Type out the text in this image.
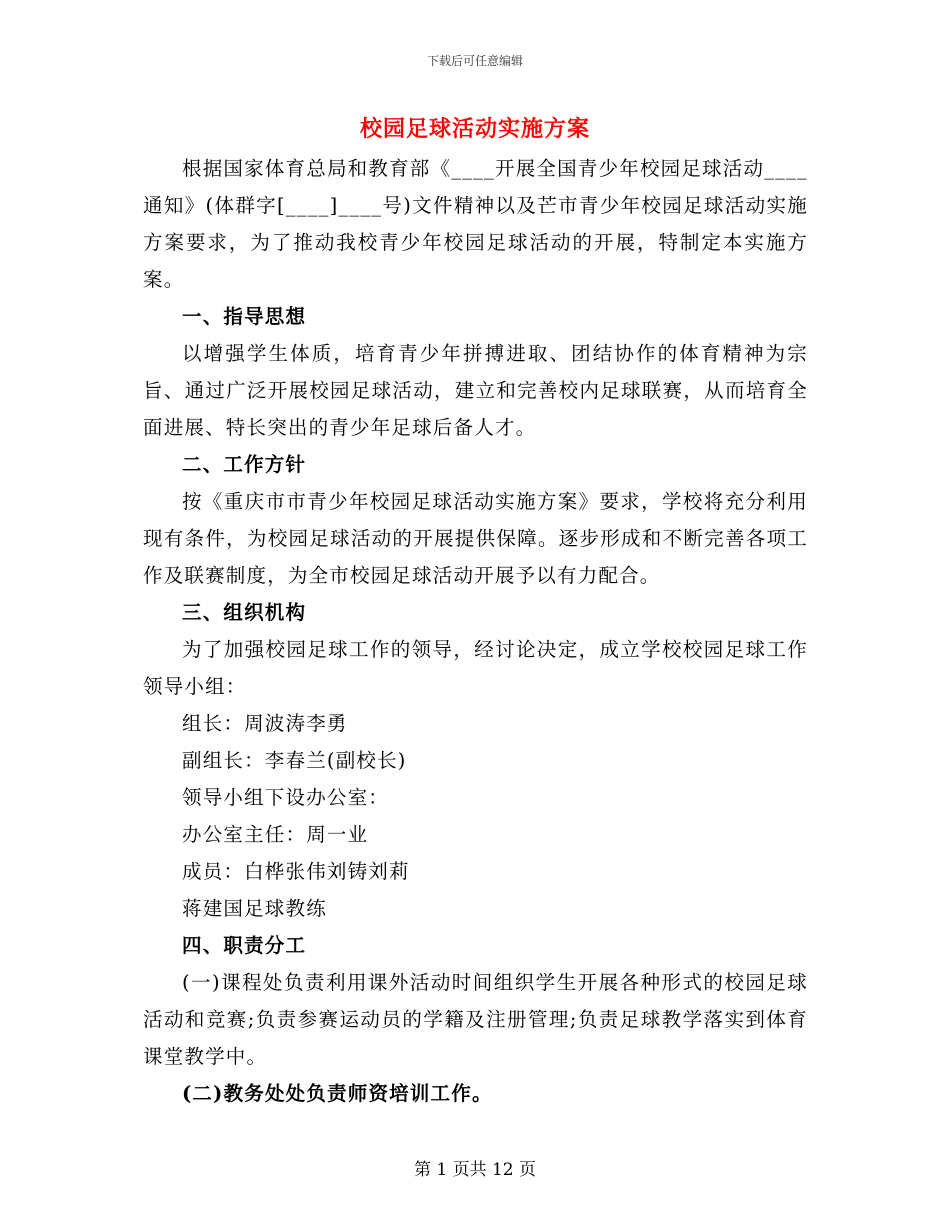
下载后可任意编辑
校园足球活动实施方案

根据国家体育总局和教育部《____开展全国青少年校园足球活动____通知》(体群字[____]____号)文件精神以及芒市青少年校园足球活动实施方案要求，为了推动我校青少年校园足球活动的开展，特制定本实施方案。

一、指导思想

以增强学生体质，培育青少年拼搏进取、团结协作的体育精神为宗旨、通过广泛开展校园足球活动，建立和完善校内足球联赛，从而培育全面进展、特长突出的青少年足球后备人才。

二、工作方针

按《重庆市市青少年校园足球活动实施方案》要求，学校将充分利用现有条件，为校园足球活动的开展提供保障。逐步形成和不断完善各项工作及联赛制度，为全市校园足球活动开展予以有力配合。

三、组织机构

为了加强校园足球工作的领导，经讨论决定，成立学校校园足球工作领导小组：

组长：周波涛李勇

副组长：李春兰(副校长)

领导小组下设办公室：

办公室主任：周一业

成员：白桦张伟刘铸刘莉

蒋建国足球教练

四、职责分工

(一)课程处负责利用课外活动时间组织学生开展各种形式的校园足球活动和竞赛;负责参赛运动员的学籍及注册管理;负责足球教学落实到体育课堂教学中。

(二)教务处处负责师资培训工作。

第 1 页共 12 页
